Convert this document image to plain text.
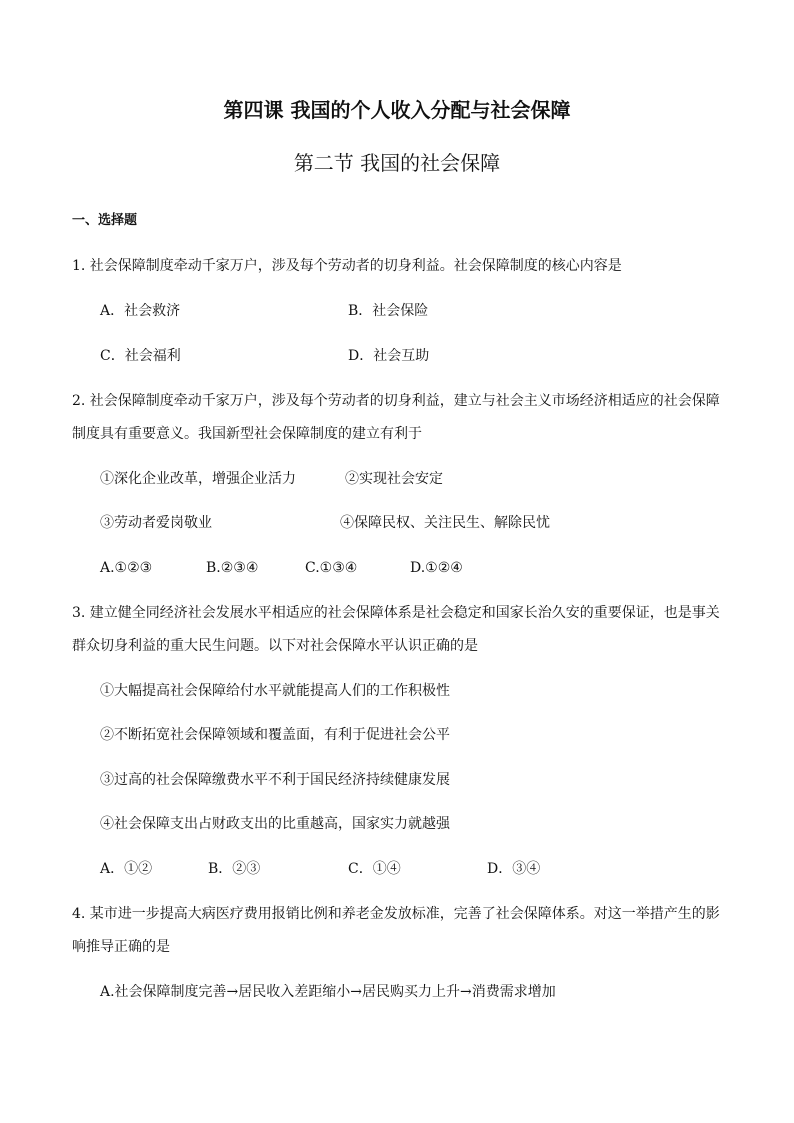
第四课 我国的个人收入分配与社会保障
第二节 我国的社会保障
一、选择题
1. 社会保障制度牵动千家万户，涉及每个劳动者的切身利益。社会保障制度的核心内容是
A．社会救济	B．社会保险
C．社会福利	D．社会互助
2. 社会保障制度牵动千家万户，涉及每个劳动者的切身利益，建立与社会主义市场经济相适应的社会保障
制度具有重要意义。我国新型社会保障制度的建立有利于
①深化企业改革，增强企业活力	②实现社会安定
③劳动者爱岗敬业	④保障民权、关注民生、解除民忧
A.①②③	B.②③④	C.①③④	D.①②④
3. 建立健全同经济社会发展水平相适应的社会保障体系是社会稳定和国家长治久安的重要保证，也是事关
群众切身利益的重大民生问题。以下对社会保障水平认识正确的是
①大幅提高社会保障给付水平就能提高人们的工作积极性
②不断拓宽社会保障领域和覆盖面，有利于促进社会公平
③过高的社会保障缴费水平不利于国民经济持续健康发展
④社会保障支出占财政支出的比重越高，国家实力就越强
A．①②	B．②③	C．①④	D．③④
4. 某市进一步提高大病医疗费用报销比例和养老金发放标准，完善了社会保障体系。对这一举措产生的影
响推导正确的是
A.社会保障制度完善→居民收入差距缩小→居民购买力上升→消费需求增加
